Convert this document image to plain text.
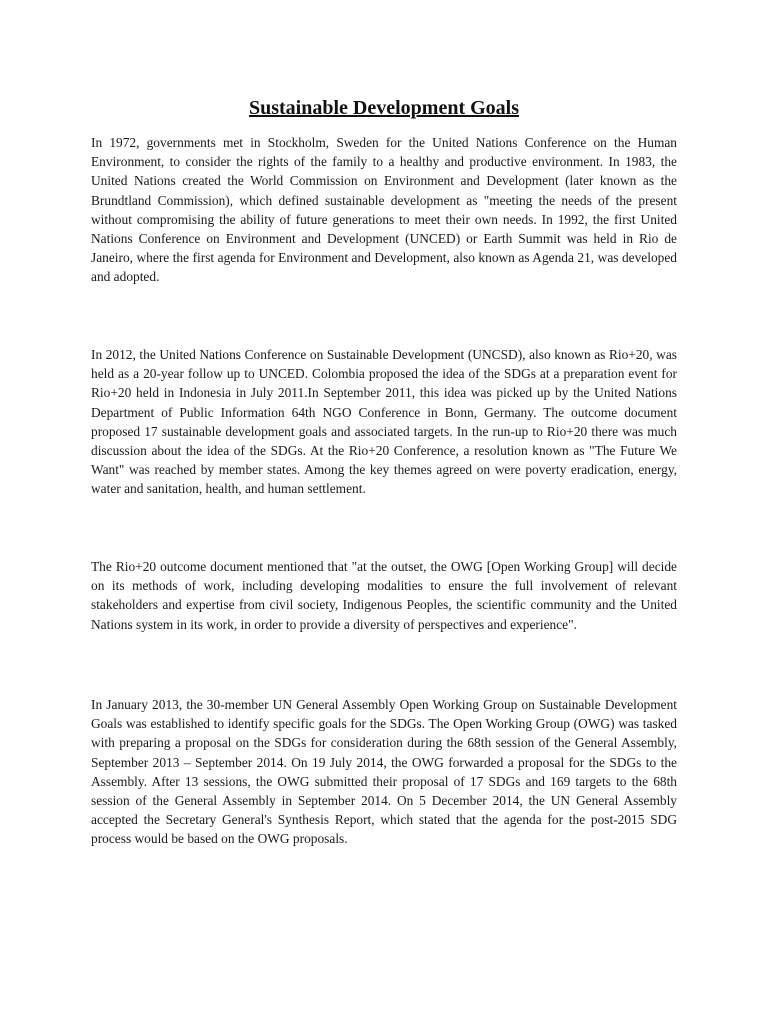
Sustainable Development Goals

In 1972, governments met in Stockholm, Sweden for the United Nations Conference on the Human Environment, to consider the rights of the family to a healthy and productive environment. In 1983, the United Nations created the World Commission on Environment and Development (later known as the Brundtland Commission), which defined sustainable development as "meeting the needs of the present without compromising the ability of future generations to meet their own needs. In 1992, the first United Nations Conference on Environment and Development (UNCED) or Earth Summit was held in Rio de Janeiro, where the first agenda for Environment and Development, also known as Agenda 21, was developed and adopted.

In 2012, the United Nations Conference on Sustainable Development (UNCSD), also known as Rio+20, was held as a 20-year follow up to UNCED. Colombia proposed the idea of the SDGs at a preparation event for Rio+20 held in Indonesia in July 2011.In September 2011, this idea was picked up by the United Nations Department of Public Information 64th NGO Conference in Bonn, Germany. The outcome document proposed 17 sustainable development goals and associated targets. In the run-up to Rio+20 there was much discussion about the idea of the SDGs. At the Rio+20 Conference, a resolution known as "The Future We Want" was reached by member states. Among the key themes agreed on were poverty eradication, energy, water and sanitation, health, and human settlement.

The Rio+20 outcome document mentioned that "at the outset, the OWG [Open Working Group] will decide on its methods of work, including developing modalities to ensure the full involvement of relevant stakeholders and expertise from civil society, Indigenous Peoples, the scientific community and the United Nations system in its work, in order to provide a diversity of perspectives and experience".

In January 2013, the 30-member UN General Assembly Open Working Group on Sustainable Development Goals was established to identify specific goals for the SDGs. The Open Working Group (OWG) was tasked with preparing a proposal on the SDGs for consideration during the 68th session of the General Assembly, September 2013 – September 2014. On 19 July 2014, the OWG forwarded a proposal for the SDGs to the Assembly. After 13 sessions, the OWG submitted their proposal of 17 SDGs and 169 targets to the 68th session of the General Assembly in September 2014. On 5 December 2014, the UN General Assembly accepted the Secretary General's Synthesis Report, which stated that the agenda for the post-2015 SDG process would be based on the OWG proposals.
